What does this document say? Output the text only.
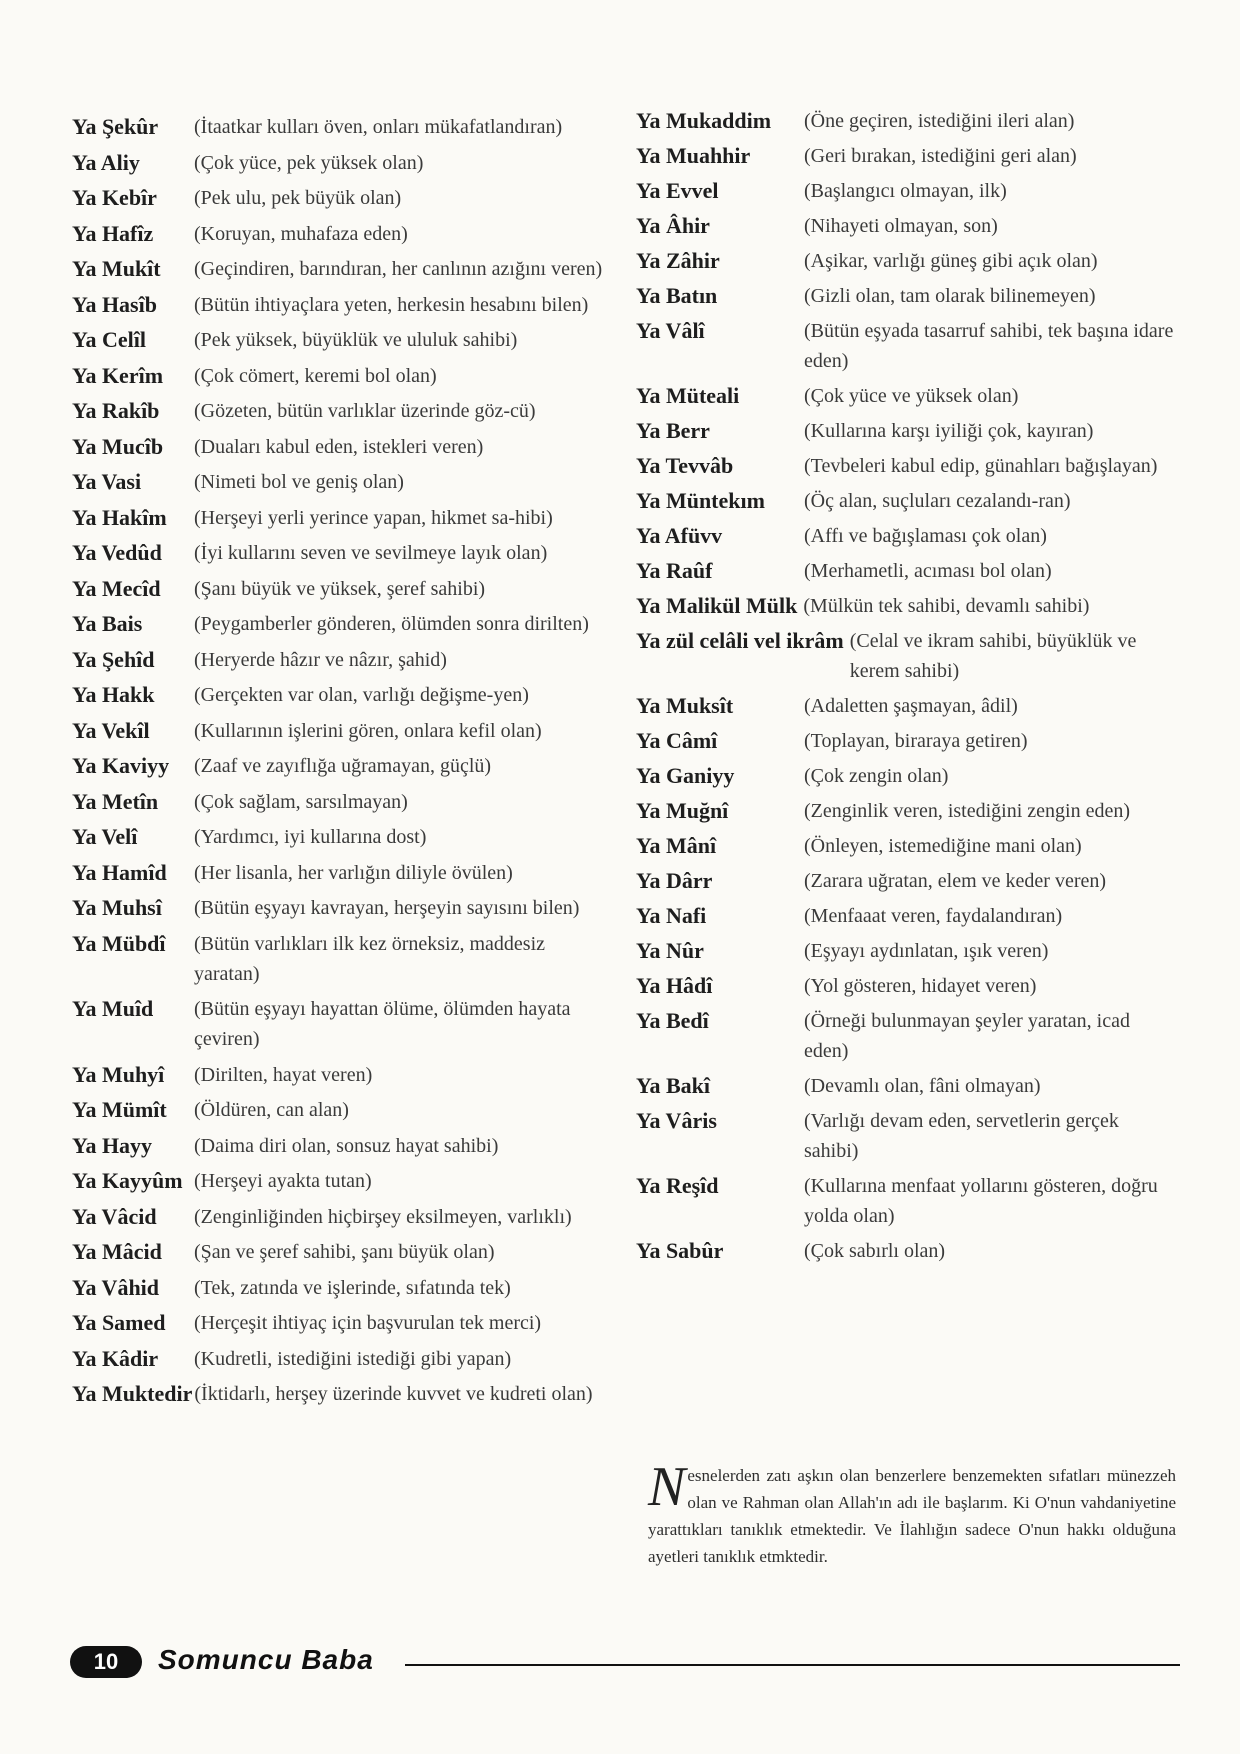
Ya Şekûr	(İtaatkar kulları öven, onları mükafatlandıran)
Ya Aliy	(Çok yüce, pek yüksek olan)
Ya Kebîr	(Pek ulu, pek büyük olan)
Ya Hafîz	(Koruyan, muhafaza eden)
Ya Mukît	(Geçindiren, barındıran, her canlının azığını veren)
Ya Hasîb	(Bütün ihtiyaçlara yeten, herkesin hesabını bilen)
Ya Celîl	(Pek yüksek, büyüklük ve ululuk sahibi)
Ya Kerîm	(Çok cömert, keremi bol olan)
Ya Rakîb	(Gözeten, bütün varlıklar üzerinde göz-cü)
Ya Mucîb	(Duaları kabul eden, istekleri veren)
Ya Vasi	(Nimeti bol ve geniş olan)
Ya Hakîm	(Herşeyi yerli yerince yapan, hikmet sa-hibi)
Ya Vedûd	(İyi kullarını seven ve sevilmeye layık olan)
Ya Mecîd	(Şanı büyük ve yüksek, şeref sahibi)
Ya Bais	(Peygamberler gönderen, ölümden sonra dirilten)
Ya Şehîd	(Heryerde hâzır ve nâzır, şahid)
Ya Hakk	(Gerçekten var olan, varlığı değişme-yen)
Ya Vekîl	(Kullarının işlerini gören, onlara kefil olan)
Ya Kaviyy	(Zaaf ve zayıflığa uğramayan, güçlü)
Ya Metîn	(Çok sağlam, sarsılmayan)
Ya Velî	(Yardımcı, iyi kullarına dost)
Ya Hamîd	(Her lisanla, her varlığın diliyle övülen)
Ya Muhsî	(Bütün eşyayı kavrayan, herşeyin sayısını bilen)
Ya Mübdî	(Bütün varlıkları ilk kez örneksiz, maddesiz yaratan)
Ya Muîd	(Bütün eşyayı hayattan ölüme, ölümden hayata çeviren)
Ya Muhyî	(Dirilten, hayat veren)
Ya Mümît	(Öldüren, can alan)
Ya Hayy	(Daima diri olan, sonsuz hayat sahibi)
Ya Kayyûm (Herşeyi ayakta tutan)
Ya Vâcid	(Zenginliğinden hiçbirşey eksilmeyen, varlıklı)
Ya Mâcid	(Şan ve şeref sahibi, şanı büyük olan)
Ya Vâhid	(Tek, zatında ve işlerinde, sıfatında tek)
Ya Samed	(Herçeşit ihtiyaç için başvurulan tek merci)
Ya Kâdir	(Kudretli, istediğini istediği gibi yapan)
Ya Muktedir (İktidarlı, herşey üzerinde kuvvet ve kudreti olan)
Ya Mukaddim	(Öne geçiren, istediğini ileri alan)
Ya Muahhir	(Geri bırakan, istediğini geri alan)
Ya Evvel	(Başlangıcı olmayan, ilk)
Ya Âhir	(Nihayeti olmayan, son)
Ya Zâhir	(Aşikar, varlığı güneş gibi açık olan)
Ya Batın	(Gizli olan, tam olarak bilinemeyen)
Ya Vâlî	(Bütün eşyada tasarruf sahibi, tek başına idare eden)
Ya Müteali	(Çok yüce ve yüksek olan)
Ya Berr	(Kullarına karşı iyiliği çok, kayıran)
Ya Tevvâb	(Tevbeleri kabul edip, günahları bağışlayan)
Ya Müntekım	(Öç alan, suçluları cezalandı-ran)
Ya Afüvv	(Affı ve bağışlaması çok olan)
Ya Raûf	(Merhametli, acıması bol olan)
Ya Malikül Mülk (Mülkün tek sahibi, devamlı sahibi)
Ya zül celâli vel ikrâm (Celal ve ikram sahibi, büyüklük ve kerem sahibi)
Ya Muksît	(Adaletten şaşmayan, âdil)
Ya Câmî	(Toplayan, biraraya getiren)
Ya Ganiyy	(Çok zengin olan)
Ya Muğnî	(Zenginlik veren, istediğini zengin eden)
Ya Mânî	(Önleyen, istemediğine mani olan)
Ya Dârr	(Zarara uğratan, elem ve keder veren)
Ya Nafi	(Menfaaat veren, faydalandıran)
Ya Nûr	(Eşyayı aydınlatan, ışık veren)
Ya Hâdî	(Yol gösteren, hidayet veren)
Ya Bedî	(Örneği bulunmayan şeyler yaratan, icad eden)
Ya Bakî	(Devamlı olan, fâni olmayan)
Ya Vâris	(Varlığı devam eden, servetlerin gerçek sahibi)
Ya Reşîd	(Kullarına menfaat yollarını gösteren, doğru yolda olan)
Ya Sabûr	(Çok sabırlı olan)
Nesnelerden zatı aşkın olan benzerlere benzemekten sıfatları münezzeh olan ve Rahman olan Allah'ın adı ile başlarım. Ki O'nun vahdaniyetine yarattıkları tanıklık etmektedir. Ve İlahlığın sadece O'nun hakkı olduğuna ayetleri tanıklık etmktedir.
10	Somuncu Baba
